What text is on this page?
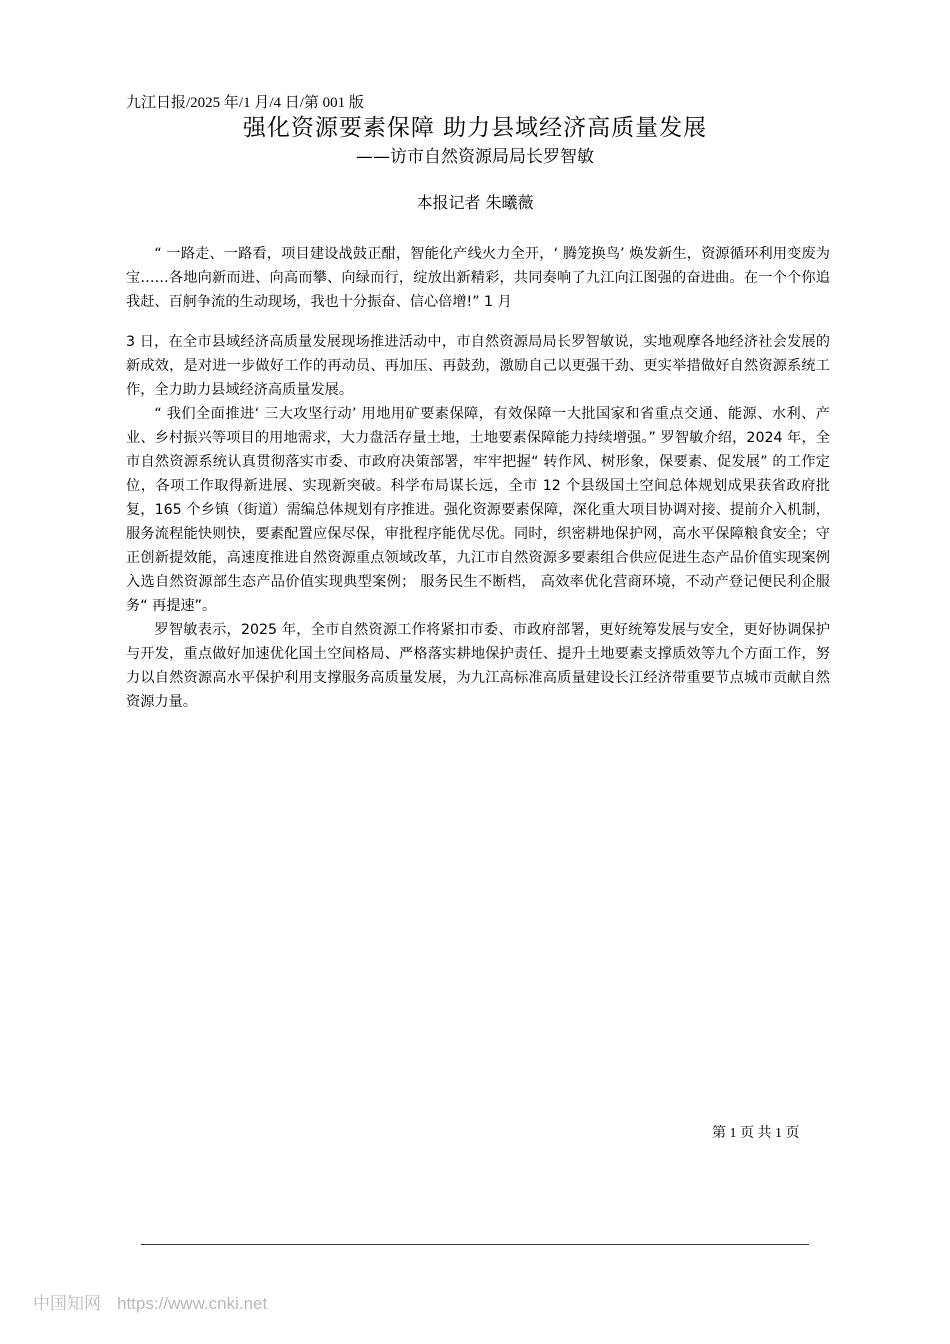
九江日报/2025 年/1 月/4 日/第 001 版
强化资源要素保障 助力县域经济高质量发展
——访市自然资源局局长罗智敏
本报记者 朱曦薇

“ 一路走、一路看，项目建设战鼓正酣，智能化产线火力全开，‘ 腾笼换鸟’ 焕发新生，资源循环利用变废为宝……各地向新而进、向高而攀、向绿而行，绽放出新精彩，共同奏响了九江向江图强的奋进曲。在一个个你追我赶、百舸争流的生动现场，我也十分振奋、信心倍增!” 1 月

3 日，在全市县域经济高质量发展现场推进活动中，市自然资源局局长罗智敏说，实地观摩各地经济社会发展的新成效，是对进一步做好工作的再动员、再加压、再鼓劲，激励自己以更强干劲、更实举措做好自然资源系统工作，全力助力县域经济高质量发展。

“ 我们全面推进‘ 三大攻坚行动’ 用地用矿要素保障，有效保障一大批国家和省重点交通、能源、水利、产业、乡村振兴等项目的用地需求，大力盘活存量土地，土地要素保障能力持续增强。” 罗智敏介绍，2024 年，全市自然资源系统认真贯彻落实市委、市政府决策部署，牢牢把握“ 转作风、树形象，保要素、促发展” 的工作定位，各项工作取得新进展、实现新突破。科学布局谋长远，全市 12 个县级国土空间总体规划成果获省政府批复，165 个乡镇（街道）需编总体规划有序推进。强化资源要素保障，深化重大项目协调对接、提前介入机制，服务流程能快则快，要素配置应保尽保，审批程序能优尽优。同时，织密耕地保护网，高水平保障粮食安全；守正创新提效能，高速度推进自然资源重点领域改革，九江市自然资源多要素组合供应促进生态产品价值实现案例入选自然资源部生态产品价值实现典型案例； 服务民生不断档， 高效率优化营商环境，不动产登记便民利企服务“ 再提速”。

罗智敏表示，2025 年，全市自然资源工作将紧扣市委、市政府部署，更好统筹发展与安全，更好协调保护与开发，重点做好加速优化国土空间格局、严格落实耕地保护责任、提升土地要素支撑质效等九个方面工作，努力以自然资源高水平保护利用支撑服务高质量发展，为九江高标准高质量建设长江经济带重要节点城市贡献自然资源力量。

第 1 页 共 1 页
中国知网 https://www.cnki.net
